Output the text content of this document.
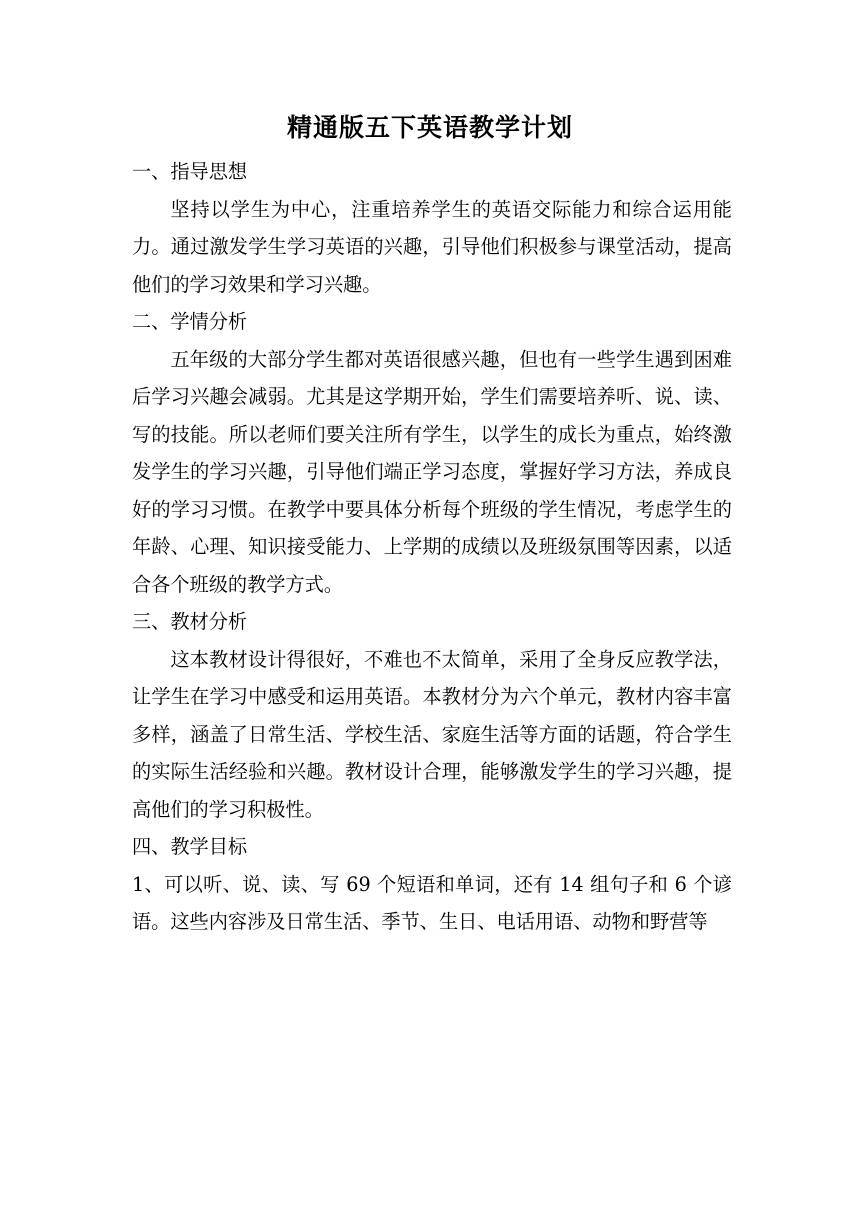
精通版五下英语教学计划

一、指导思想

坚持以学生为中心，注重培养学生的英语交际能力和综合运用能力。通过激发学生学习英语的兴趣，引导他们积极参与课堂活动，提高他们的学习效果和学习兴趣。

二、学情分析

五年级的大部分学生都对英语很感兴趣，但也有一些学生遇到困难后学习兴趣会减弱。尤其是这学期开始，学生们需要培养听、说、读、写的技能。所以老师们要关注所有学生，以学生的成长为重点，始终激发学生的学习兴趣，引导他们端正学习态度，掌握好学习方法，养成良好的学习习惯。在教学中要具体分析每个班级的学生情况，考虑学生的年龄、心理、知识接受能力、上学期的成绩以及班级氛围等因素，以适合各个班级的教学方式。

三、教材分析

这本教材设计得很好，不难也不太简单，采用了全身反应教学法，让学生在学习中感受和运用英语。本教材分为六个单元，教材内容丰富多样，涵盖了日常生活、学校生活、家庭生活等方面的话题，符合学生的实际生活经验和兴趣。教材设计合理，能够激发学生的学习兴趣，提高他们的学习积极性。

四、教学目标

1、可以听、说、读、写 69 个短语和单词，还有 14 组句子和 6 个谚语。这些内容涉及日常生活、季节、生日、电话用语、动物和野营等
